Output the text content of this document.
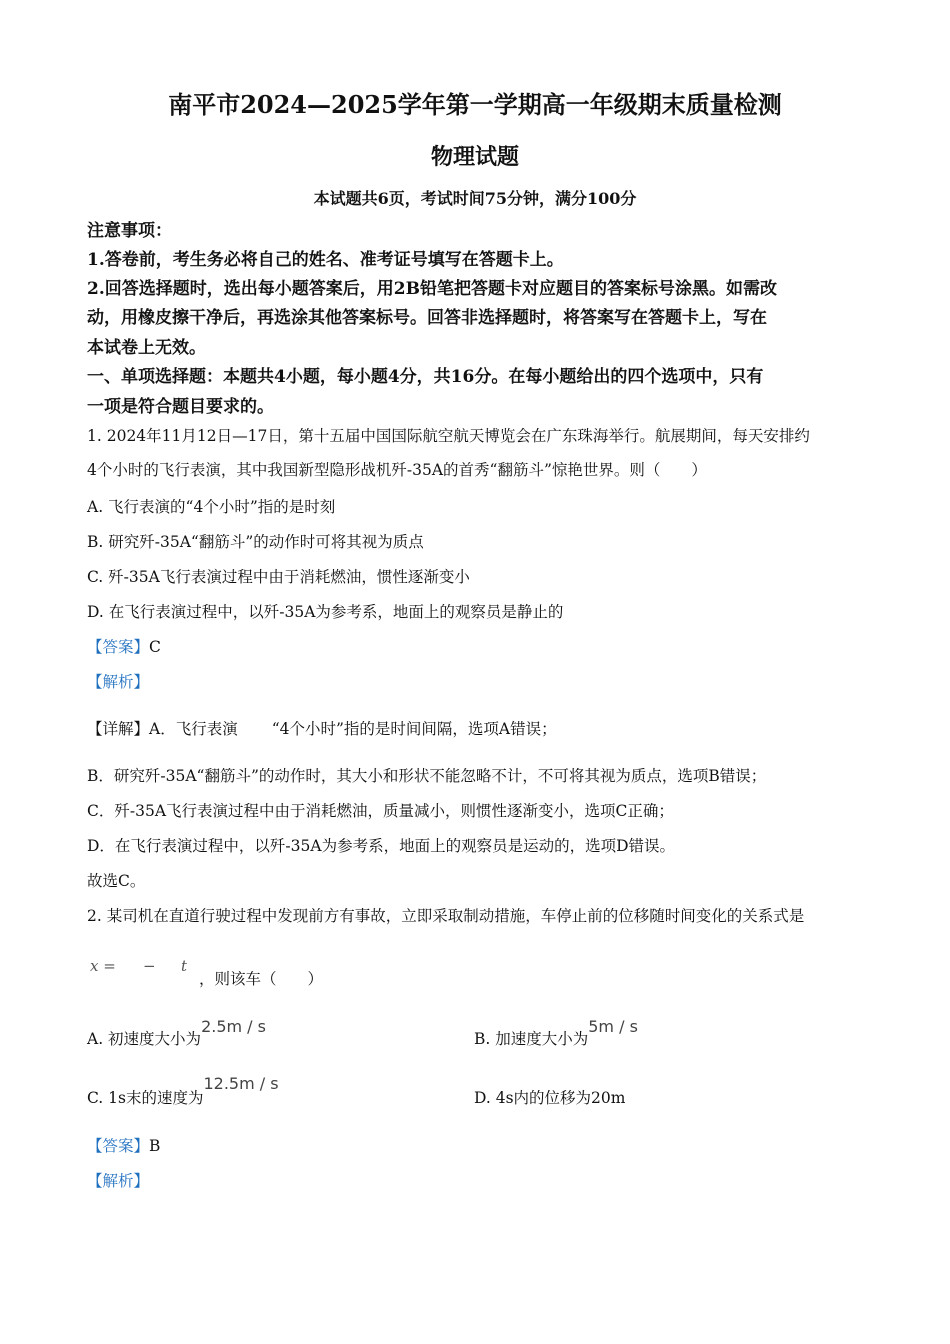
南平市2024—2025学年第一学期高一年级期末质量检测
物理试题
本试题共6页，考试时间75分钟，满分100分
注意事项：
1.答卷前，考生务必将自己的姓名、准考证号填写在答题卡上。
2.回答选择题时，选出每小题答案后，用2B铅笔把答题卡对应题目的答案标号涂黑。如需改
动，用橡皮擦干净后，再选涂其他答案标号。回答非选择题时，将答案写在答题卡上，写在
本试卷上无效。
一、单项选择题：本题共4小题，每小题4分，共16分。在每小题给出的四个选项中，只有
一项是符合题目要求的。
1. 2024年11月12日—17日，第十五届中国国际航空航天博览会在广东珠海举行。航展期间，每天安排约
4个小时的飞行表演，其中我国新型隐形战机歼-35A的首秀“翻筋斗”惊艳世界。则（　　）
A. 飞行表演的“4个小时”指的是时刻
B. 研究歼-35A“翻筋斗”的动作时可将其视为质点
C. 歼-35A飞行表演过程中由于消耗燃油，惯性逐渐变小
D. 在飞行表演过程中，以歼-35A为参考系，地面上的观察员是静止的
【答案】C
【解析】
【详解】A．飞行表演 “4个小时”指的是时间间隔，选项A错误；
B．研究歼-35A“翻筋斗”的动作时，其大小和形状不能忽略不计，不可将其视为质点，选项B错误；
C．歼-35A飞行表演过程中由于消耗燃油，质量减小，则惯性逐渐变小，选项C正确；
D．在飞行表演过程中，以歼-35A为参考系，地面上的观察员是运动的，选项D错误。
故选C。
2. 某司机在直道行驶过程中发现前方有事故，立即采取制动措施，车停止前的位移随时间变化的关系式是
x = − t
，则该车（　　）
A. 初速度大小为2.5m / s
B. 加速度大小为5m / s
C. 1s末的速度为12.5m / s
D. 4s内的位移为20m
【答案】B
【解析】
